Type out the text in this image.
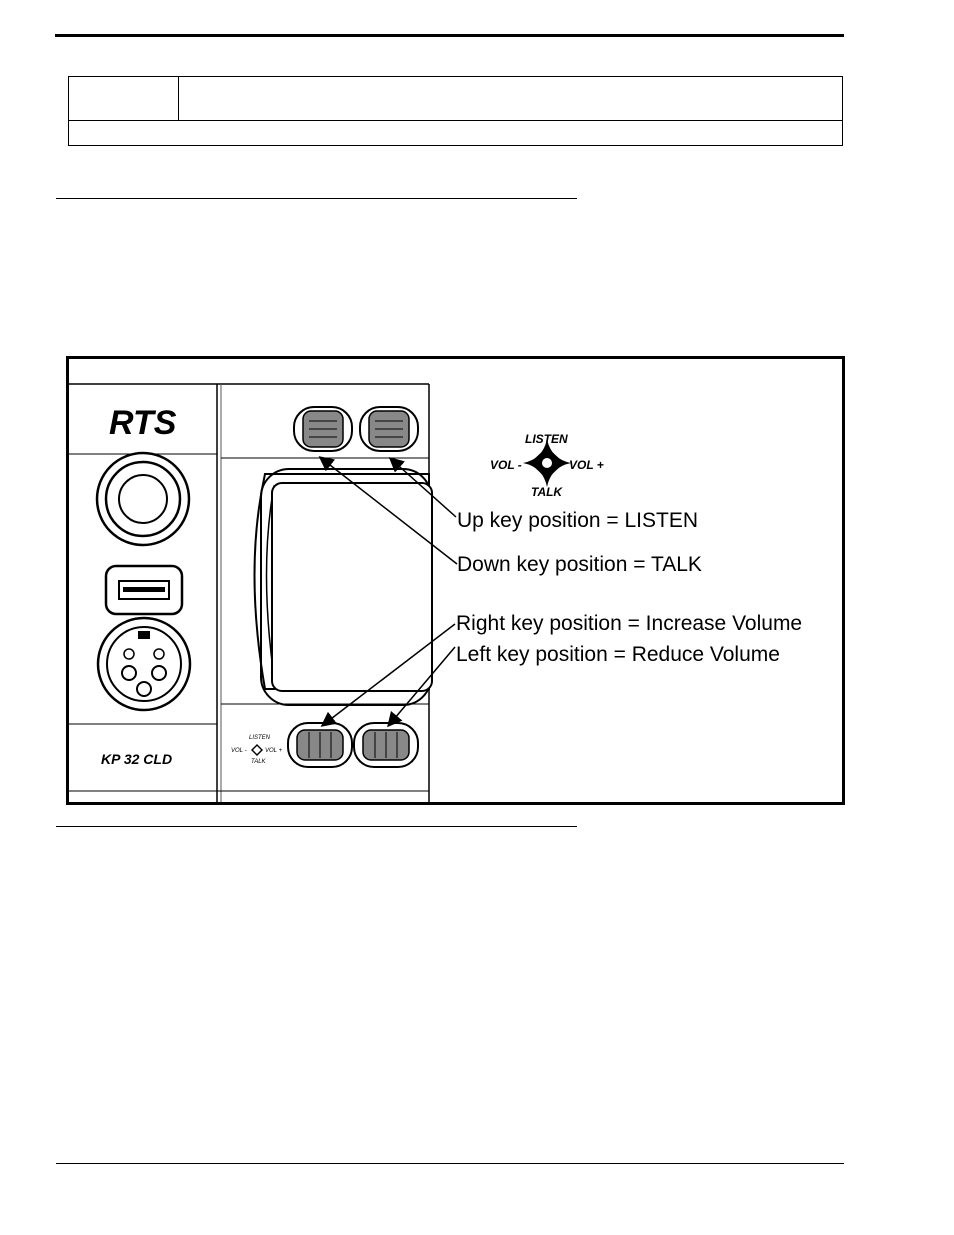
LISTEN
TALK
VOL -	VOL +
RTS
KP 32 CLD
LISTEN
TALK
VOL -	VOL +
Up key position = LISTEN
Down key position = TALK
Right key position = Increase Volume
Left key position = Reduce Volume
